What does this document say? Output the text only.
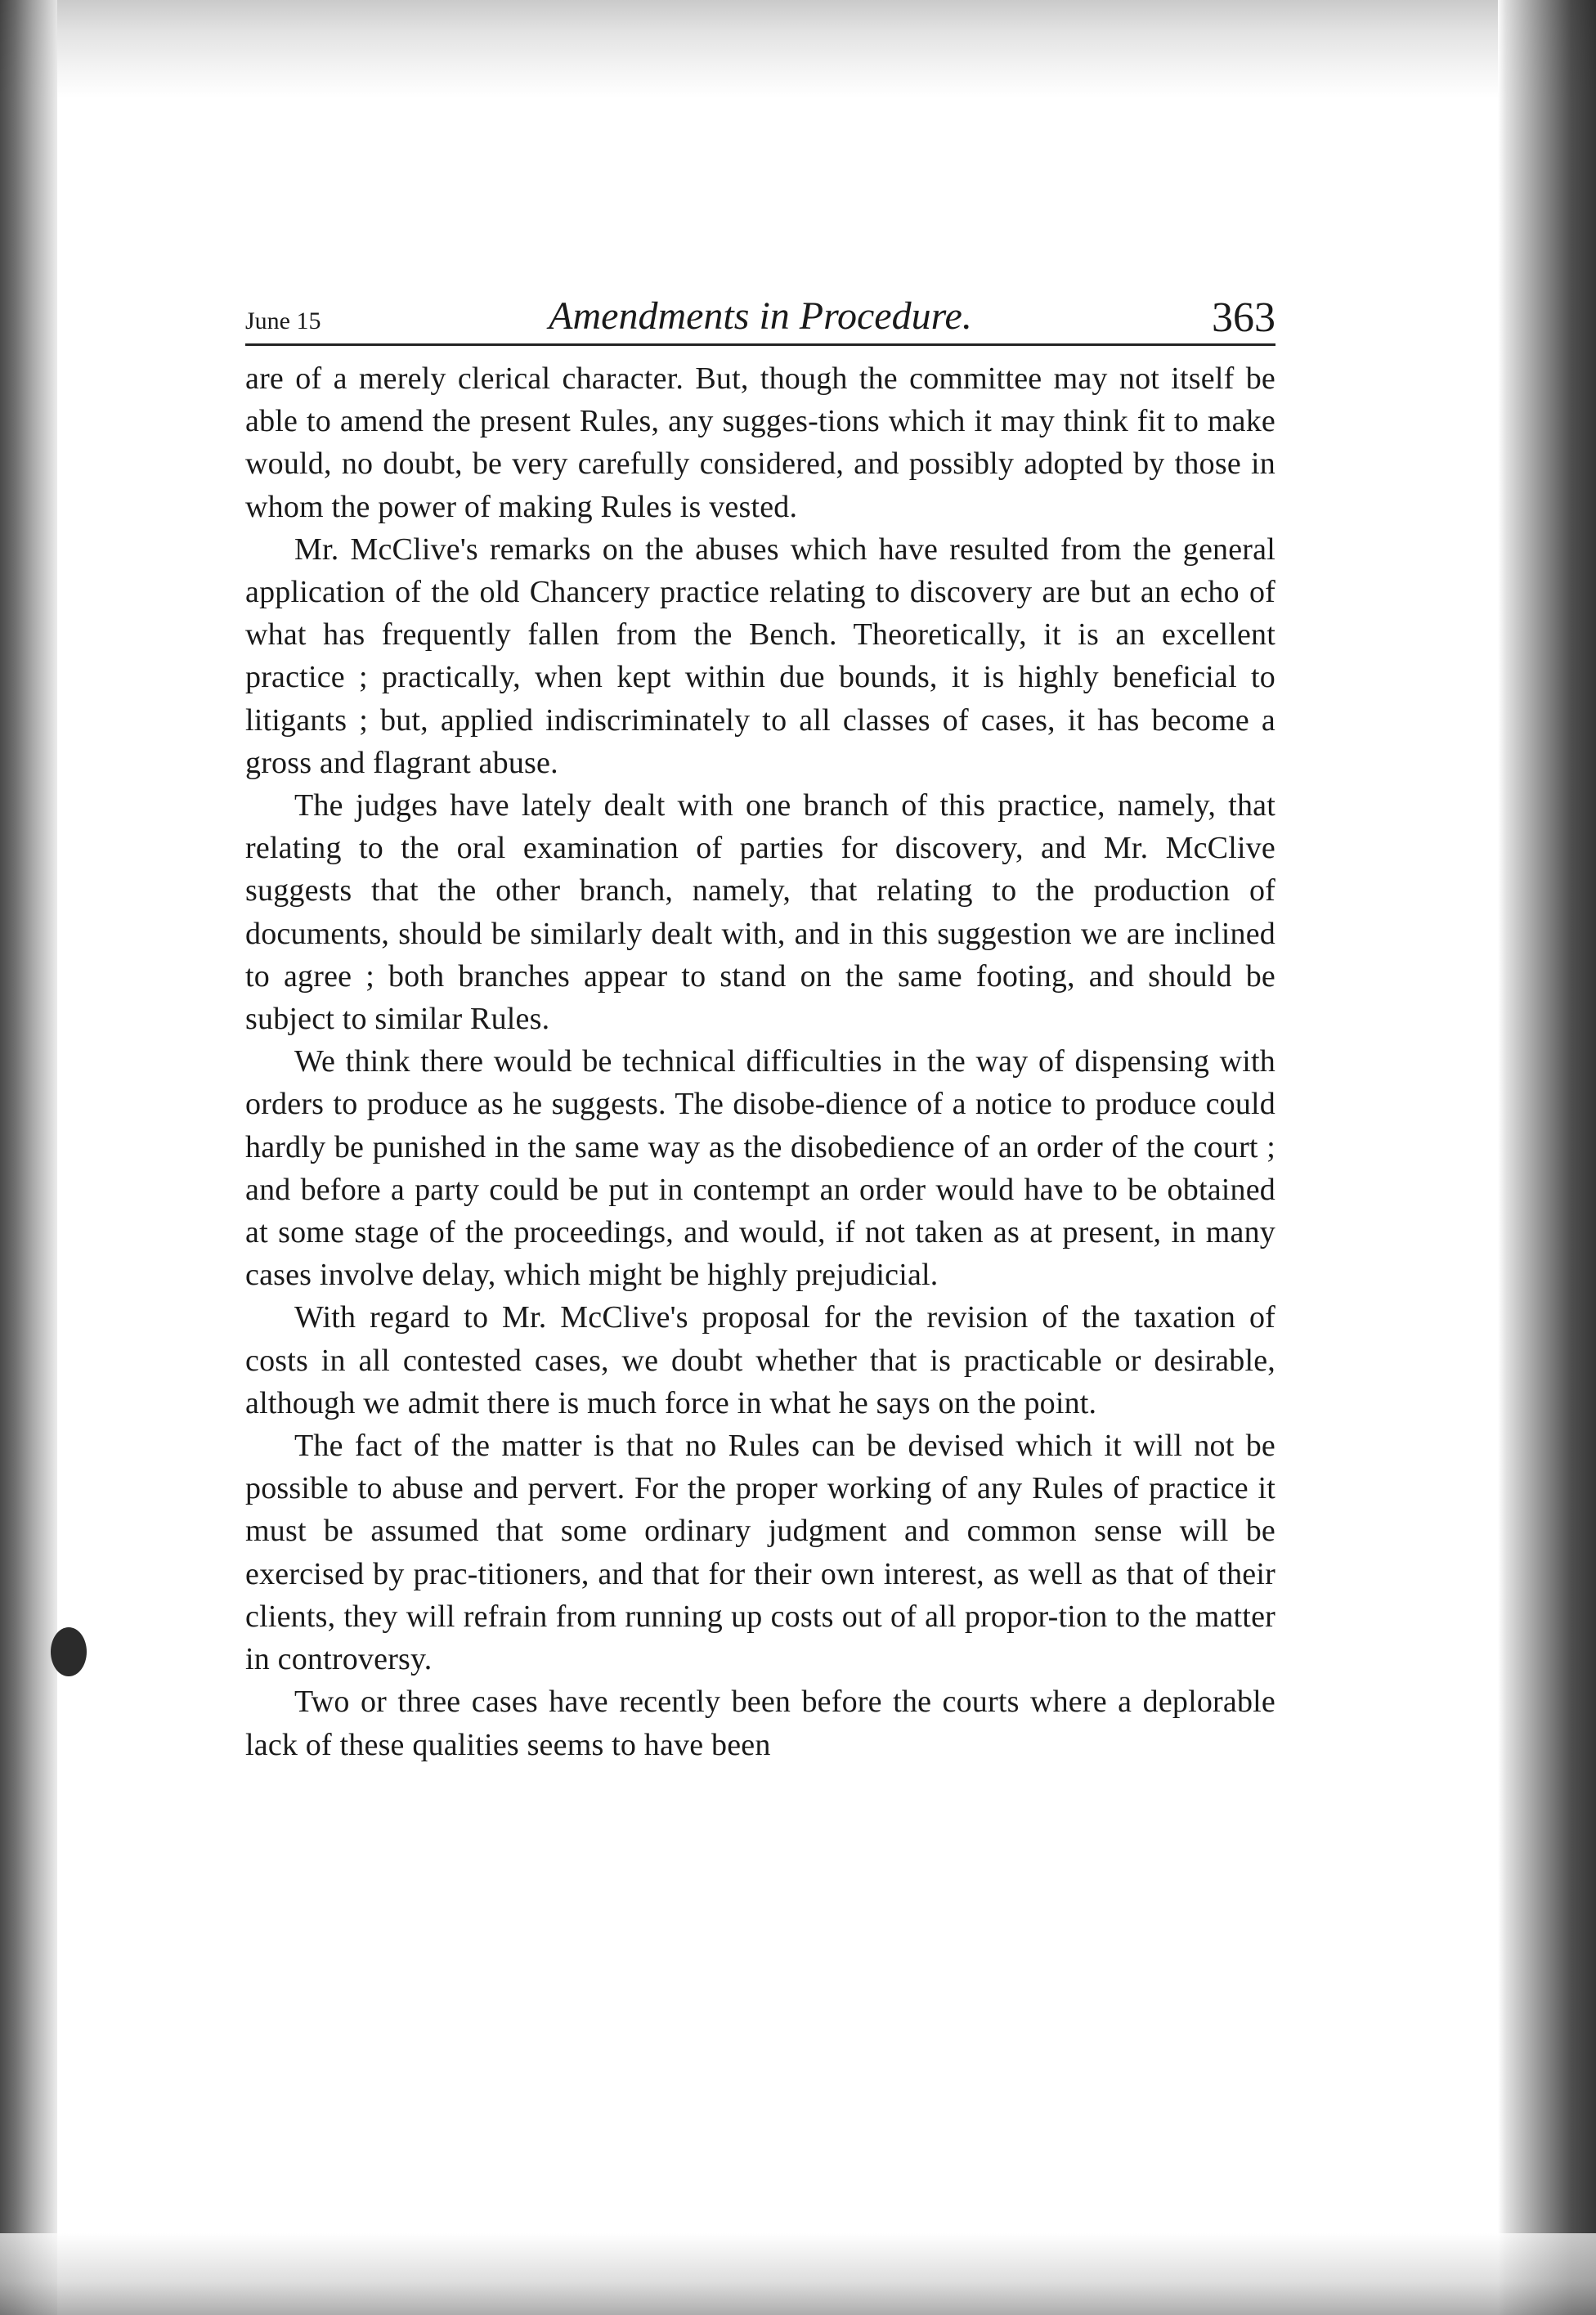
June 15	Amendments in Procedure.	363

are of a merely clerical character. But, though the committee may not itself be able to amend the present Rules, any sugges-tions which it may think fit to make would, no doubt, be very carefully considered, and possibly adopted by those in whom the power of making Rules is vested.

Mr. McClive's remarks on the abuses which have resulted from the general application of the old Chancery practice relating to discovery are but an echo of what has frequently fallen from the Bench. Theoretically, it is an excellent practice ; practically, when kept within due bounds, it is highly beneficial to litigants ; but, applied indiscriminately to all classes of cases, it has become a gross and flagrant abuse.

The judges have lately dealt with one branch of this practice, namely, that relating to the oral examination of parties for discovery, and Mr. McClive suggests that the other branch, namely, that relating to the production of documents, should be similarly dealt with, and in this suggestion we are inclined to agree ; both branches appear to stand on the same footing, and should be subject to similar Rules.

We think there would be technical difficulties in the way of dispensing with orders to produce as he suggests. The disobe-dience of a notice to produce could hardly be punished in the same way as the disobedience of an order of the court ; and before a party could be put in contempt an order would have to be obtained at some stage of the proceedings, and would, if not taken as at present, in many cases involve delay, which might be highly prejudicial.

With regard to Mr. McClive's proposal for the revision of the taxation of costs in all contested cases, we doubt whether that is practicable or desirable, although we admit there is much force in what he says on the point.

The fact of the matter is that no Rules can be devised which it will not be possible to abuse and pervert. For the proper working of any Rules of practice it must be assumed that some ordinary judgment and common sense will be exercised by prac-titioners, and that for their own interest, as well as that of their clients, they will refrain from running up costs out of all propor-tion to the matter in controversy.

Two or three cases have recently been before the courts where a deplorable lack of these qualities seems to have been
